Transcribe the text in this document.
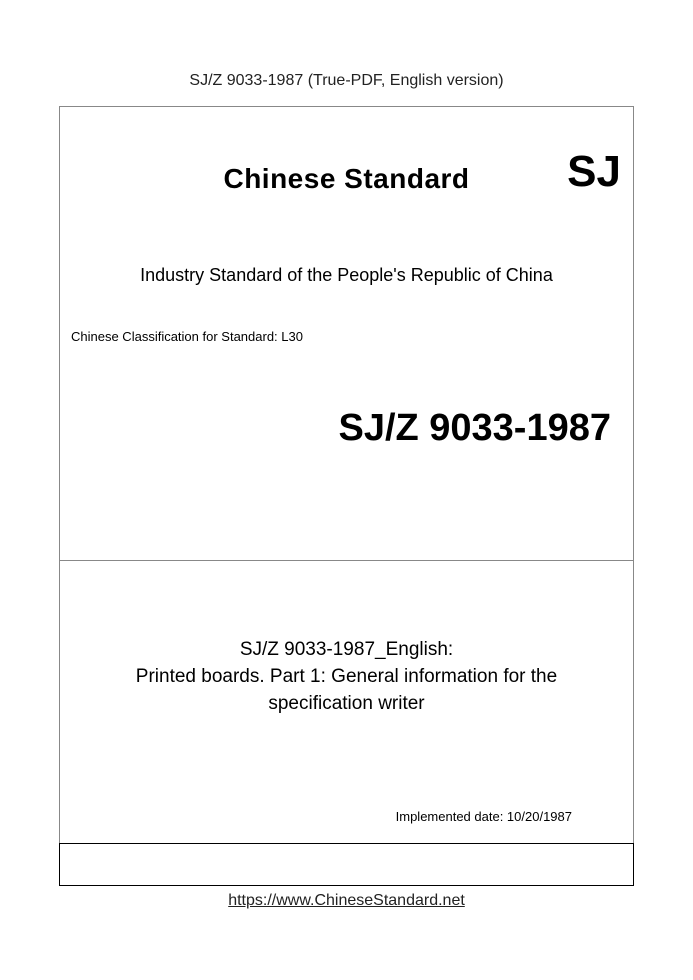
SJ/Z 9033-1987 (True-PDF, English version)
Chinese Standard	SJ
Industry Standard of the People's Republic of China
Chinese Classification for Standard: L30
SJ/Z 9033-1987
SJ/Z 9033-1987_English:
Printed boards. Part 1: General information for the
specification writer
Implemented date: 10/20/1987
https://www.ChineseStandard.net
